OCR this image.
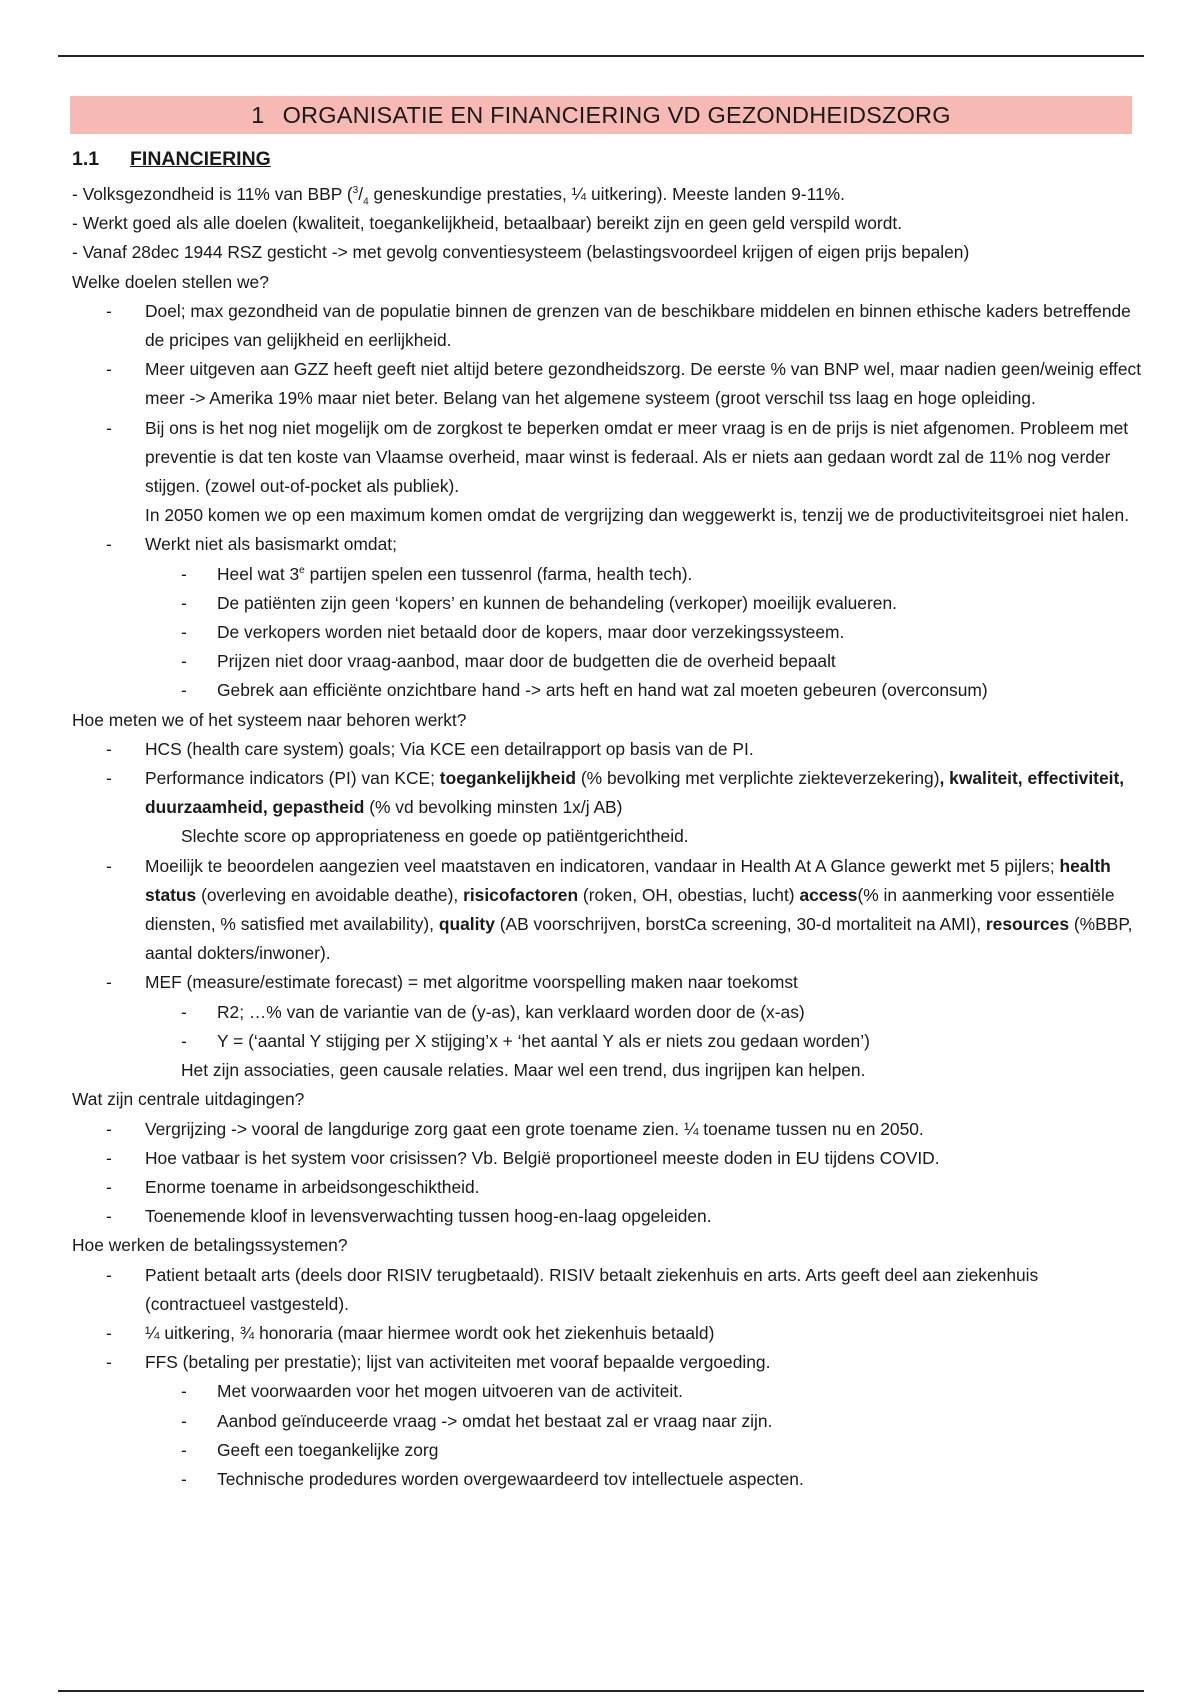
1 ORGANISATIE EN FINANCIERING VD GEZONDHEIDSZORG
1.1 FINANCIERING
- Volksgezondheid is 11% van BBP ($^3/_4$ geneskundige prestaties, ¼ uitkering). Meeste landen 9-11%.
- Werkt goed als alle doelen (kwaliteit, toegankelijkheid, betaalbaar) bereikt zijn en geen geld verspild wordt.
- Vanaf 28dec 1944 RSZ gesticht -> met gevolg conventiesysteem (belastingsvoordeel krijgen of eigen prijs bepalen)
Welke doelen stellen we?
- Doel; max gezondheid van de populatie binnen de grenzen van de beschikbare middelen en binnen ethische kaders betreffende de pricipes van gelijkheid en eerlijkheid.
- Meer uitgeven aan GZZ heeft geeft niet altijd betere gezondheidszorg. De eerste % van BNP wel, maar nadien geen/weinig effect meer -> Amerika 19% maar niet beter. Belang van het algemene systeem (groot verschil tss laag en hoge opleiding.
- Bij ons is het nog niet mogelijk om de zorgkost te beperken omdat er meer vraag is en de prijs is niet afgenomen. Probleem met preventie is dat ten koste van Vlaamse overheid, maar winst is federaal. Als er niets aan gedaan wordt zal de 11% nog verder stijgen. (zowel out-of-pocket als publiek).
In 2050 komen we op een maximum komen omdat de vergrijzing dan weggewerkt is, tenzij we de productiviteitsgroei niet halen.
- Werkt niet als basismarkt omdat;
- Heel wat 3e partijen spelen een tussenrol (farma, health tech).
- De patiënten zijn geen ‘kopers’ en kunnen de behandeling (verkoper) moeilijk evalueren.
- De verkopers worden niet betaald door de kopers, maar door verzekingssysteem.
- Prijzen niet door vraag-aanbod, maar door de budgetten die de overheid bepaalt
- Gebrek aan efficiënte onzichtbare hand -> arts heft en hand wat zal moeten gebeuren (overconsum)
Hoe meten we of het systeem naar behoren werkt?
- HCS (health care system) goals; Via KCE een detailrapport op basis van de PI.
- Performance indicators (PI) van KCE; toegankelijkheid (% bevolking met verplichte ziekteverzekering), kwaliteit, effectiviteit, duurzaamheid, gepastheid (% vd bevolking minsten 1x/j AB)
Slechte score op appropriateness en goede op patiëntgerichtheid.
- Moeilijk te beoordelen aangezien veel maatstaven en indicatoren, vandaar in Health At A Glance gewerkt met 5 pijlers; health status (overleving en avoidable deathe), risicofactoren (roken, OH, obestias, lucht) access(% in aanmerking voor essentiële diensten, % satisfied met availability), quality (AB voorschrijven, borstCa screening, 30-d mortaliteit na AMI), resources (%BBP, aantal dokters/inwoner).
- MEF (measure/estimate forecast) = met algoritme voorspelling maken naar toekomst
- R2; …% van de variantie van de (y-as), kan verklaard worden door de (x-as)
- Y = (‘aantal Y stijging per X stijging’x + ‘het aantal Y als er niets zou gedaan worden’)
Het zijn associaties, geen causale relaties. Maar wel een trend, dus ingrijpen kan helpen.
Wat zijn centrale uitdagingen?
- Vergrijzing -> vooral de langdurige zorg gaat een grote toename zien. ¼ toename tussen nu en 2050.
- Hoe vatbaar is het system voor crisissen? Vb. België proportioneel meeste doden in EU tijdens COVID.
- Enorme toename in arbeidsongeschiktheid.
- Toenemende kloof in levensverwachting tussen hoog-en-laag opgeleiden.
Hoe werken de betalingssystemen?
- Patient betaalt arts (deels door RISIV terugbetaald). RISIV betaalt ziekenhuis en arts. Arts geeft deel aan ziekenhuis (contractueel vastgesteld).
- ¼ uitkering, ¾ honoraria (maar hiermee wordt ook het ziekenhuis betaald)
- FFS (betaling per prestatie); lijst van activiteiten met vooraf bepaalde vergoeding.
- Met voorwaarden voor het mogen uitvoeren van de activiteit.
- Aanbod geïnduceerde vraag -> omdat het bestaat zal er vraag naar zijn.
- Geeft een toegankelijke zorg
- Technische prodedures worden overgewaardeerd tov intellectuele aspecten.
